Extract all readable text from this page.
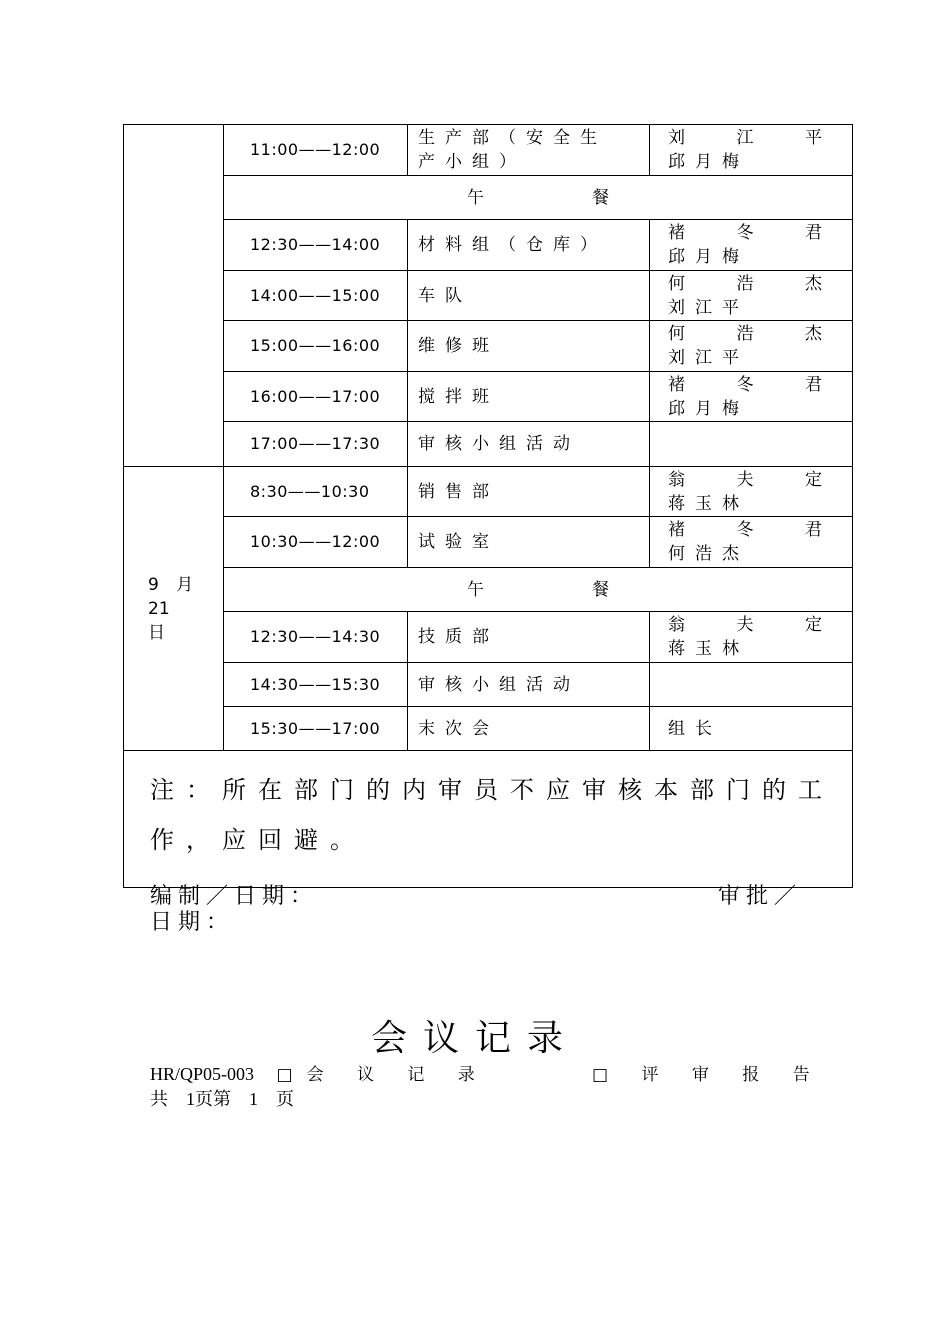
	11:00——12:00	生产部（安全生
产小组）	刘江平
邱月梅

	午餐		
	12:30——14:00	材料组（仓库）	褚冬君
邱月梅

	14:00——15:00	车队	何浩杰
刘江平

	15:00——16:00	维修班	何浩杰
刘江平

	16:00——17:00	搅拌班	褚冬君
邱月梅

	17:00——17:30	审核小组活动	

9 月
21
日	8:30——10:30	销售部	翁夫定
蒋玉林

	10:30——12:00	试验室	褚冬君
何浩杰

	午餐		
	12:30——14:30	技质部	翁夫定
蒋玉林

	14:30——15:30	审核小组活动	
	15:30——17:00	末次会	组长

注：所在部门的内审员不应审核本部门的工作，应回避。			
编制／日期：	审批／
日期：
会议记录
HR/QP05-003 □会 议 记 录	□ 评 审 报 告
共　1页第　1　页
